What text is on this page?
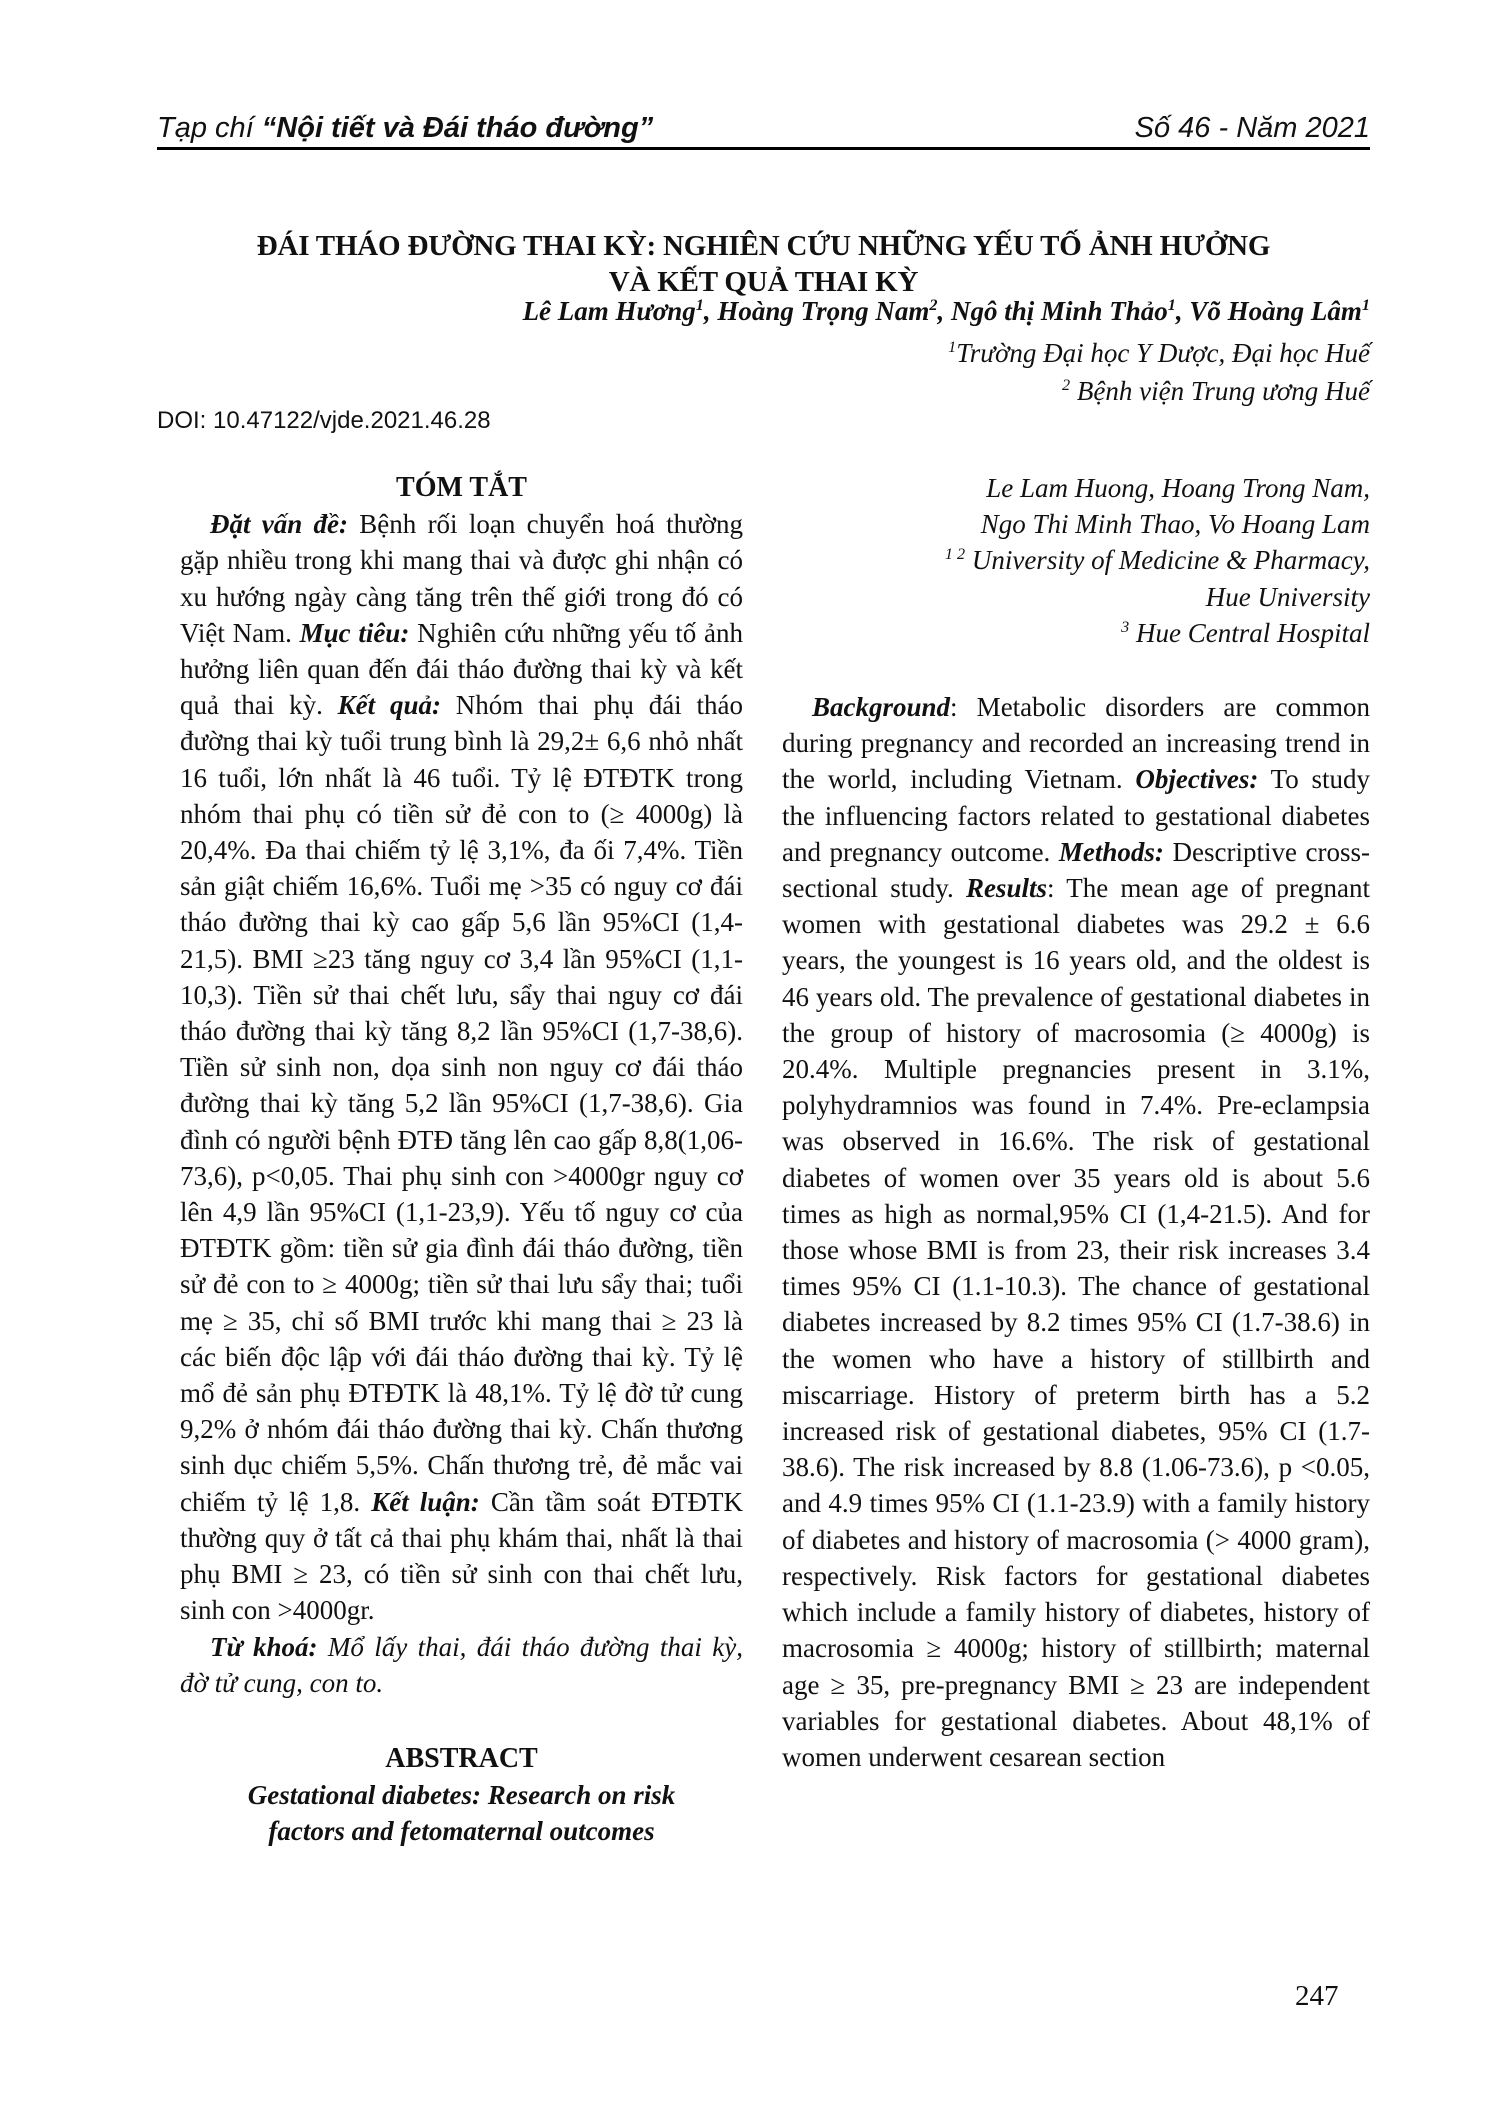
Tạp chí “Nội tiết và Đái tháo đường”	Số 46 - Năm 2021
ĐÁI THÁO ĐƯỜNG THAI KỲ: NGHIÊN CỨU NHỮNG YẾU TỐ ẢNH HƯỞNG
VÀ KẾT QUẢ THAI KỲ
Lê Lam Hương$^1$, Hoàng Trọng Nam$^2$, Ngô thị Minh Thảo$^1$, Võ Hoàng Lâm$^1$
$^1$Trường Đại học Y Dược, Đại học Huế
$^2$ Bệnh viện Trung ương Huế
DOI: 10.47122/vjde.2021.46.28
TÓM TẮT

Đặt vấn đề: Bệnh rối loạn chuyển hoá thường gặp nhiều trong khi mang thai và được ghi nhận có xu hướng ngày càng tăng trên thế giới trong đó có Việt Nam. Mục tiêu: Nghiên cứu những yếu tố ảnh hưởng liên quan đến đái tháo đường thai kỳ và kết quả thai kỳ. Kết quả: Nhóm thai phụ đái tháo đường thai kỳ tuổi trung bình là 29,2± 6,6 nhỏ nhất 16 tuổi, lớn nhất là 46 tuổi. Tỷ lệ ĐTĐTK trong nhóm thai phụ có tiền sử đẻ con to (≥ 4000g) là 20,4%. Đa thai chiếm tỷ lệ 3,1%, đa ối 7,4%. Tiền sản giật chiếm 16,6%. Tuổi mẹ >35 có nguy cơ đái tháo đường thai kỳ cao gấp 5,6 lần 95%CI (1,4-21,5). BMI ≥23 tăng nguy cơ 3,4 lần 95%CI (1,1-10,3). Tiền sử thai chết lưu, sẩy thai nguy cơ đái tháo đường thai kỳ tăng 8,2 lần 95%CI (1,7-38,6). Tiền sử sinh non, dọa sinh non nguy cơ đái tháo đường thai kỳ tăng 5,2 lần 95%CI (1,7-38,6). Gia đình có người bệnh ĐTĐ tăng lên cao gấp 8,8(1,06-73,6), p<0,05. Thai phụ sinh con >4000gr nguy cơ lên 4,9 lần 95%CI (1,1-23,9). Yếu tố nguy cơ của ĐTĐTK gồm: tiền sử gia đình đái tháo đường, tiền sử đẻ con to ≥ 4000g; tiền sử thai lưu sẩy thai; tuổi mẹ ≥ 35, chỉ số BMI trước khi mang thai ≥ 23 là các biến độc lập với đái tháo đường thai kỳ. Tỷ lệ mổ đẻ sản phụ ĐTĐTK là 48,1%. Tỷ lệ đờ tử cung 9,2% ở nhóm đái tháo đường thai kỳ. Chấn thương sinh dục chiếm 5,5%. Chấn thương trẻ, đẻ mắc vai chiếm tỷ lệ 1,8. Kết luận: Cần tầm soát ĐTĐTK thường quy ở tất cả thai phụ khám thai, nhất là thai phụ BMI ≥ 23, có tiền sử sinh con thai chết lưu, sinh con >4000gr.

Từ khoá: Mổ lấy thai, đái tháo đường thai kỳ, đờ tử cung, con to.

ABSTRACT
Gestational diabetes: Research on risk
factors and fetomaternal outcomes
Le Lam Huong, Hoang Trong Nam,
Ngo Thi Minh Thao, Vo Hoang Lam
$^{1 2}$ University of Medicine & Pharmacy,
Hue University
$^3$ Hue Central Hospital

Background: Metabolic disorders are common during pregnancy and recorded an increasing trend in the world, including Vietnam. Objectives: To study the influencing factors related to gestational diabetes and pregnancy outcome. Methods: Descriptive cross-sectional study. Results: The mean age of pregnant women with gestational diabetes was 29.2 ± 6.6 years, the youngest is 16 years old, and the oldest is 46 years old. The prevalence of gestational diabetes in the group of history of macrosomia (≥ 4000g) is 20.4%. Multiple pregnancies present in 3.1%, polyhydramnios was found in 7.4%. Pre-eclampsia was observed in 16.6%. The risk of gestational diabetes of women over 35 years old is about 5.6 times as high as normal,95% CI (1,4-21.5). And for those whose BMI is from 23, their risk increases 3.4 times 95% CI (1.1-10.3). The chance of gestational diabetes increased by 8.2 times 95% CI (1.7-38.6) in the women who have a history of stillbirth and miscarriage. History of preterm birth has a 5.2 increased risk of gestational diabetes, 95% CI (1.7-38.6). The risk increased by 8.8 (1.06-73.6), p <0.05, and 4.9 times 95% CI (1.1-23.9) with a family history of diabetes and history of macrosomia (> 4000 gram), respectively. Risk factors for gestational diabetes which include a family history of diabetes, history of macrosomia ≥ 4000g; history of stillbirth; maternal age ≥ 35, pre-pregnancy BMI ≥ 23 are independent variables for gestational diabetes. About 48,1% of women underwent cesarean section

247
